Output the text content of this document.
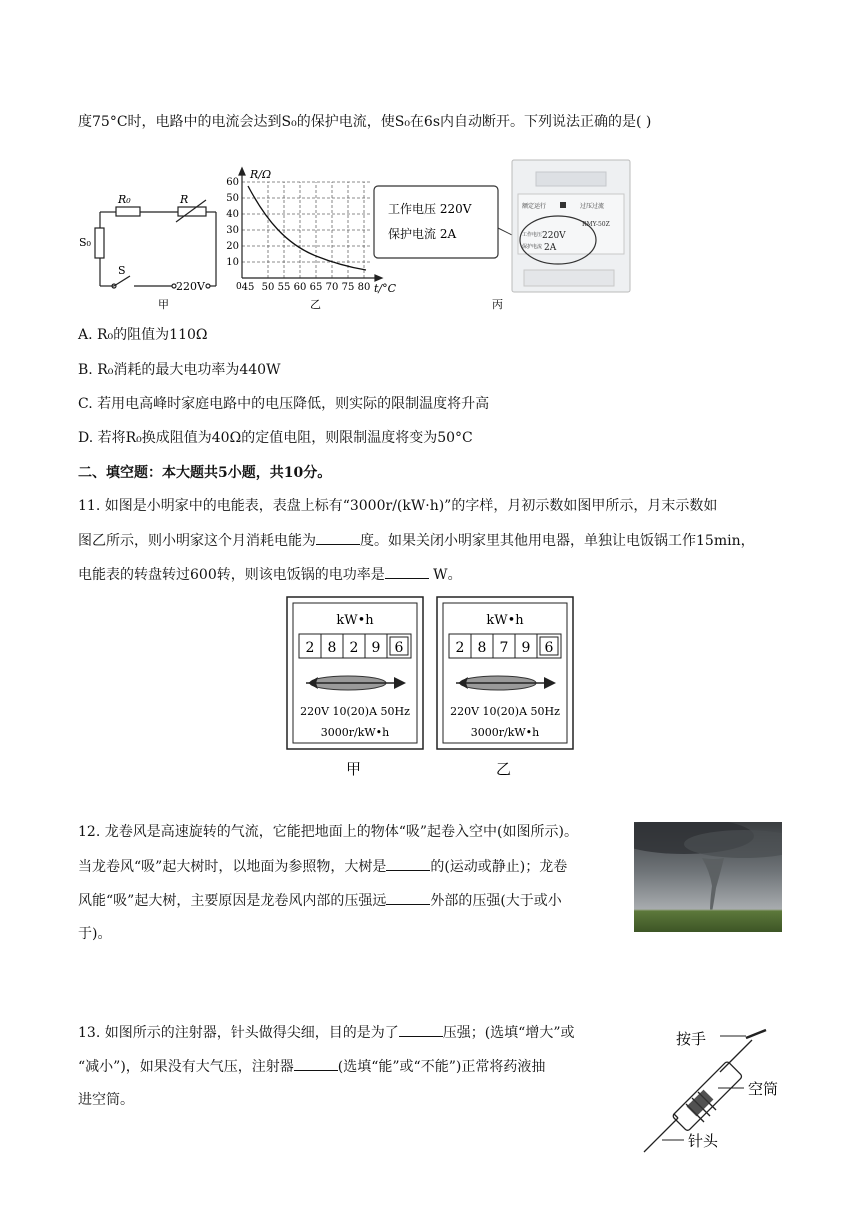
度75°C时，电路中的电流会达到S₀的保护电流，使S₀在6s内自动断开。下列说法正确的是( )
R₀	R
S₀
S
220V
甲
10
20
30
40
50
60
45 50 55 60 65 70 75 80
R/Ω
t/°C
0
乙
工作电压 220V
保护电流 2A
额定运行	过压过流
RMY-50Z
工作电压 220V
保护电流 2A
丙
A. R₀的阻值为110Ω
B. R₀消耗的最大电功率为440W
C. 若用电高峰时家庭电路中的电压降低，则实际的限制温度将升高
D. 若将R₀换成阻值为40Ω的定值电阻，则限制温度将变为50°C
二、填空题：本大题共5小题，共10分。
11. 如图是小明家中的电能表，表盘上标有“3000r/(kW·h)”的字样，月初示数如图甲所示，月末示数如
图乙所示，则小明家这个月消耗电能为	度。如果关闭小明家里其他用电器，单独让电饭锅工作15min，
电能表的转盘转过600转，则该电饭锅的电功率是	W。
kW•h
2 8 2 9 6
220V 10(20)A 50Hz
3000r/kW•h
甲
kW•h
2 8 7 9 6
220V 10(20)A 50Hz
3000r/kW•h
乙
12. 龙卷风是高速旋转的气流，它能把地面上的物体“吸”起卷入空中(如图所示)。
当龙卷风“吸”起大树时，以地面为参照物，大树是	的(运动或静止)；龙卷
风能“吸”起大树，主要原因是龙卷风内部的压强远	外部的压强(大于或小
于)。
13. 如图所示的注射器，针头做得尖细，目的是为了	压强；(选填“增大”或
“减小”)，如果没有大气压，注射器	(选填“能”或“不能”)正常将药液抽
进空筒。
按手
空筒
针头
